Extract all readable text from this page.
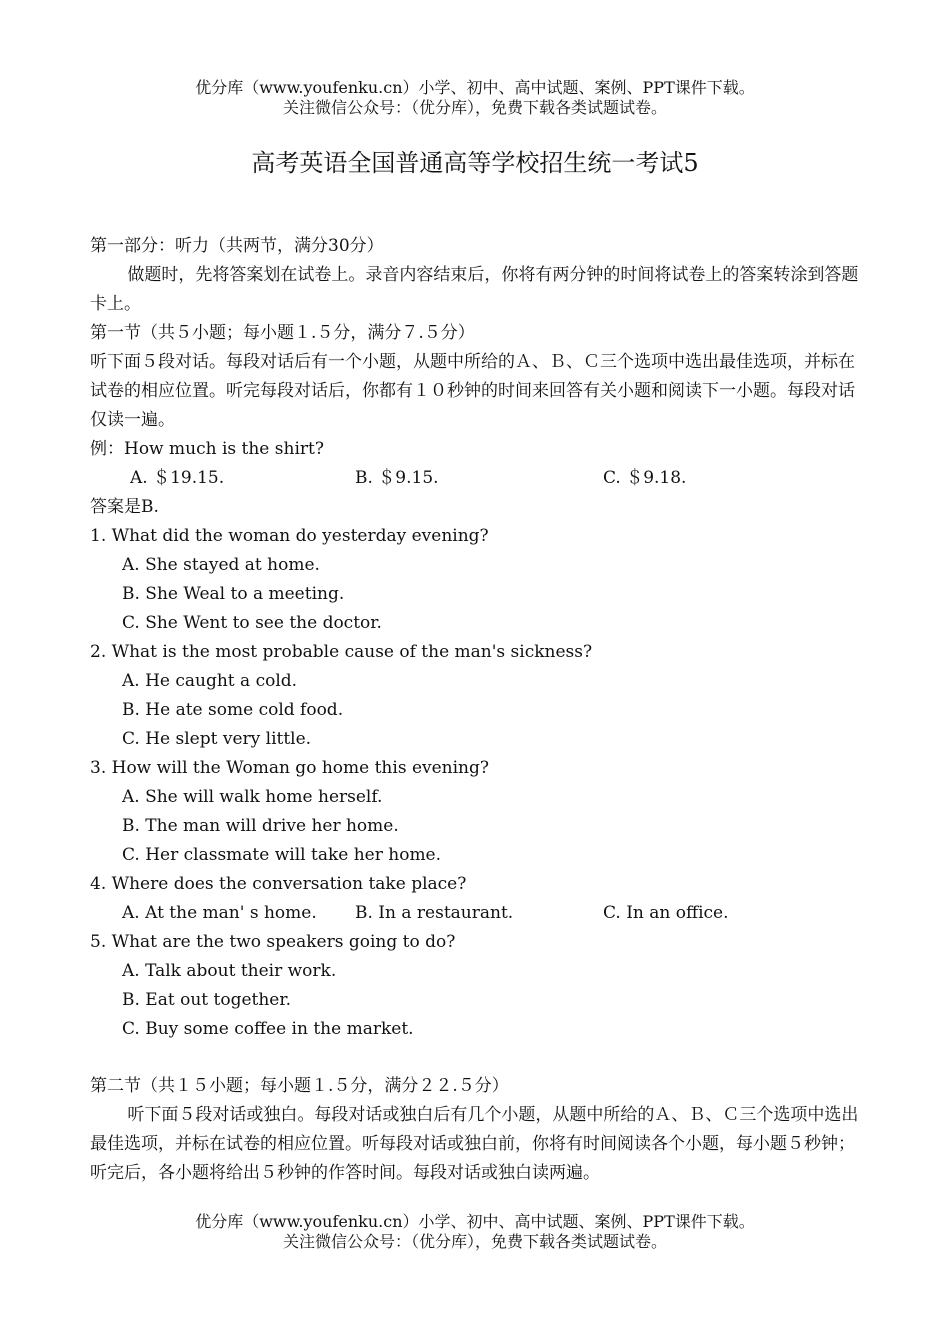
优分库（www.youfenku.cn）小学、初中、高中试题、案例、PPT课件下载。
关注微信公众号：（优分库），免费下载各类试题试卷。
高考英语全国普通高等学校招生统一考试5

第一部分：听力（共两节，满分30分）

做题时，先将答案划在试卷上。录音内容结束后，你将有两分钟的时间将试卷上的答案转涂到答题卡上。

第一节（共５小题；每小题１.５分，满分７.５分）

听下面５段对话。每段对话后有一个小题，从题中所给的Ａ、Ｂ、Ｃ三个选项中选出最佳选项，并标在试卷的相应位置。听完每段对话后，你都有１０秒钟的时间来回答有关小题和阅读下一小题。每段对话仅读一遍。

例：How much is the shirt?

A. ＄19.15.	B. ＄9.15.	C. ＄9.18.

答案是B.

1. What did the woman do yesterday evening?

A. She stayed at home.

B. She Weal to a meeting.

C. She Went to see the doctor.

2. What is the most probable cause of the man's sickness?

A. He caught a cold.

B. He ate some cold food.

C. He slept very little.

3. How will the Woman go home this evening?

A. She will walk home herself.

B. The man will drive her home.

C. Her classmate will take her home.

4. Where does the conversation take place?

A. At the man' s home.	B. In a restaurant.	C. In an office.

5. What are the two speakers going to do?

A. Talk about their work.

B. Eat out together.

C. Buy some coffee in the market.

第二节（共１５小题；每小题１.５分，满分２２.５分）

听下面５段对话或独白。每段对话或独白后有几个小题，从题中所给的Ａ、Ｂ、Ｃ三个选项中选出最佳选项，并标在试卷的相应位置。听每段对话或独白前，你将有时间阅读各个小题，每小题５秒钟；听完后，各小题将给出５秒钟的作答时间。每段对话或独白读两遍。

优分库（www.youfenku.cn）小学、初中、高中试题、案例、PPT课件下载。
关注微信公众号：（优分库），免费下载各类试题试卷。
